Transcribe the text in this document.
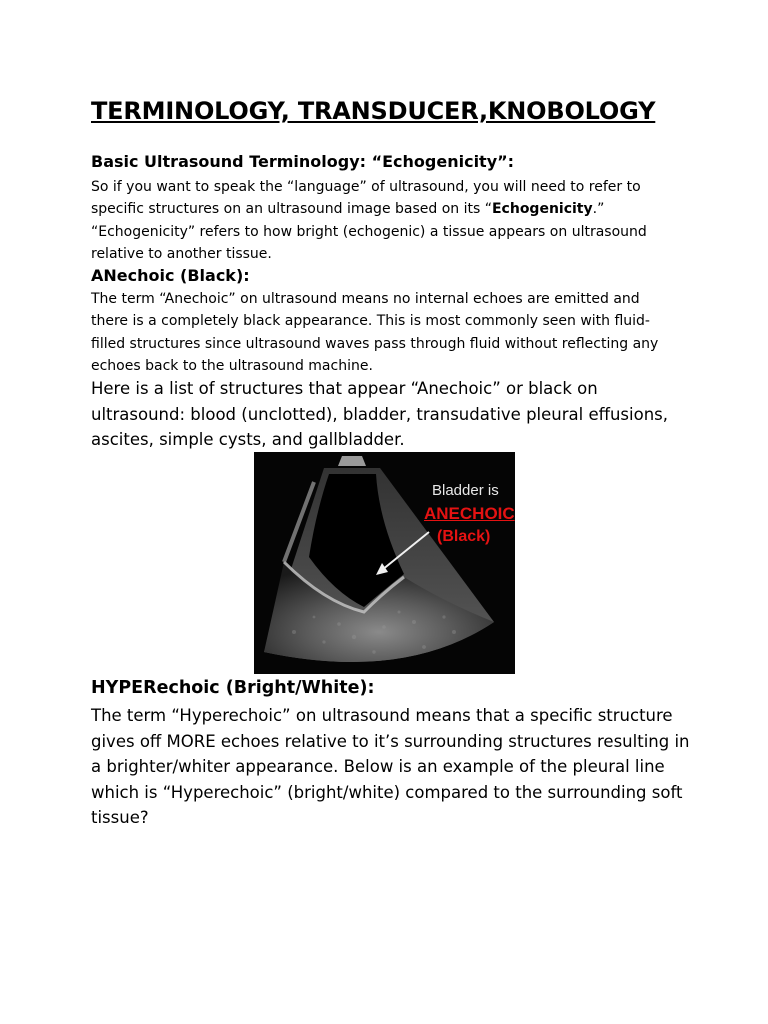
TERMINOLOGY, TRANSDUCER,KNOBOLOGY
Basic Ultrasound Terminology: “Echogenicity”:

So if you want to speak the “language” of ultrasound, you will need to refer to specific structures on an ultrasound image based on its “Echogenicity.” “Echogenicity” refers to how bright (echogenic) a tissue appears on ultrasound relative to another tissue.

ANechoic (Black):

The term “Anechoic” on ultrasound means no internal echoes are emitted and there is a completely black appearance. This is most commonly seen with fluid-filled structures since ultrasound waves pass through fluid without reflecting any echoes back to the ultrasound machine.

Here is a list of structures that appear “Anechoic” or black on ultrasound: blood (unclotted), bladder, transudative pleural effusions, ascites, simple cysts, and gallbladder.

Bladder is
ANECHOIC
(Black)
HYPERechoic (Bright/White):

The term “Hyperechoic” on ultrasound means that a specific structure gives off MORE echoes relative to it’s surrounding structures resulting in a brighter/whiter appearance. Below is an example of the pleural line which is “Hyperechoic” (bright/white) compared to the surrounding soft tissue?
